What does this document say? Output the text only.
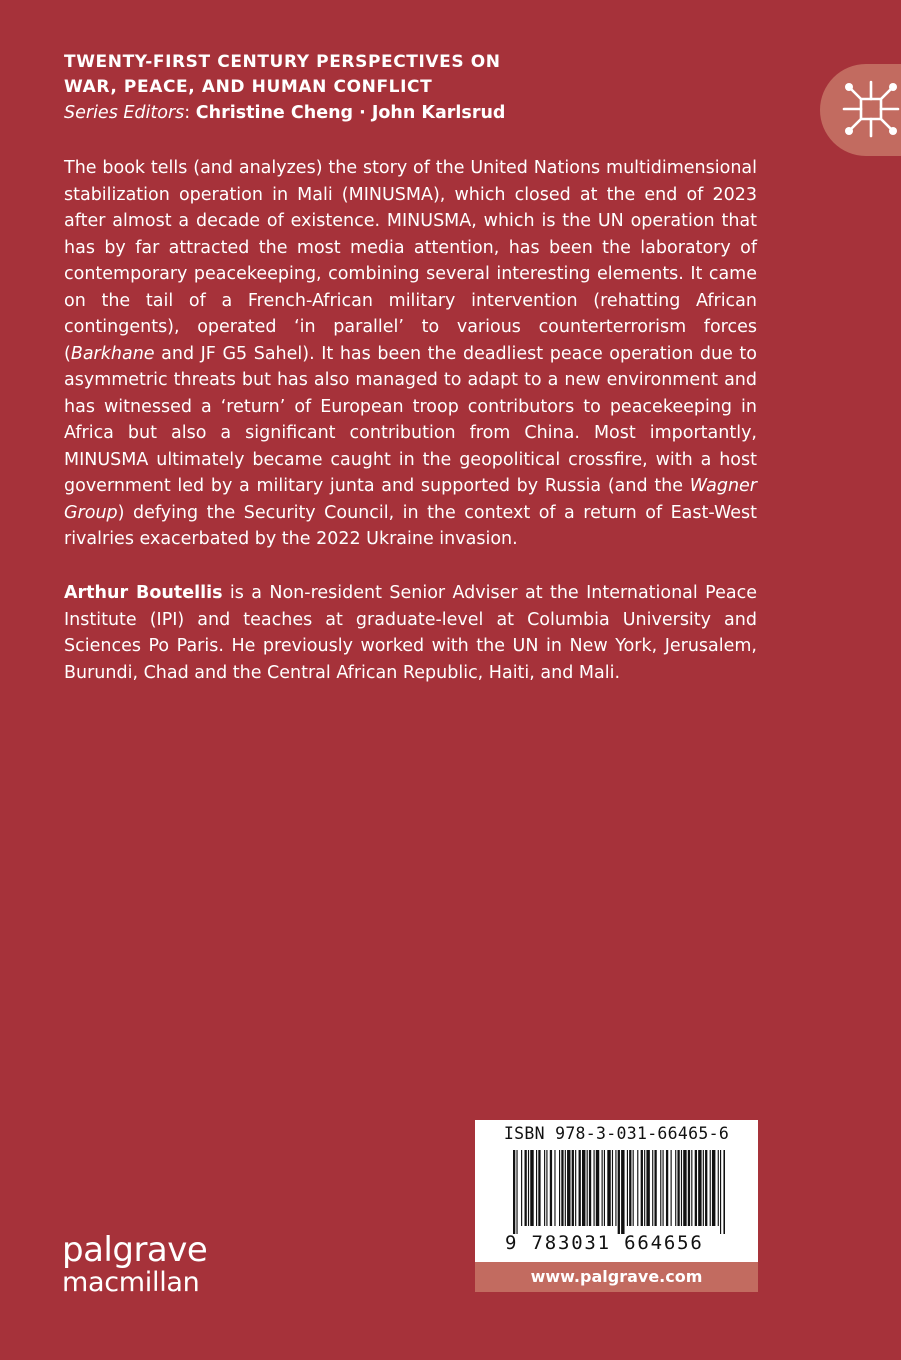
TWENTY-FIRST CENTURY PERSPECTIVES ON

WAR, PEACE, AND HUMAN CONFLICT

Series Editors: Christine Cheng · John Karlsrud

The book tells (and analyzes) the story of the United Nations multidimensional stabilization operation in Mali (MINUSMA), which closed at the end of 2023 after almost a decade of existence. MINUSMA, which is the UN operation that has by far attracted the most media attention, has been the laboratory of contemporary peacekeeping, combining several interesting elements. It came on the tail of a French-African military intervention (rehatting African contingents), operated ‘in parallel’ to various counterterrorism forces (Barkhane and JF G5 Sahel). It has been the deadliest peace operation due to asymmetric threats but has also managed to adapt to a new environment and has witnessed a ‘return’ of European troop contributors to peacekeeping in Africa but also a significant contribution from China. Most importantly, MINUSMA ultimately became caught in the geopolitical crossfire, with a host government led by a military junta and supported by Russia (and the Wagner Group) defying the Security Council, in the context of a return of East-West rivalries exacerbated by the 2022 Ukraine invasion.

Arthur Boutellis is a Non-resident Senior Adviser at the International Peace Institute (IPI) and teaches at graduate-level at Columbia University and Sciences Po Paris. He previously worked with the UN in New York, Jerusalem, Burundi, Chad and the Central African Republic, Haiti, and Mali.

ISBN 978-3-031-66465-6
9 783031 664656
www.palgrave.com
palgrave
macmillan
